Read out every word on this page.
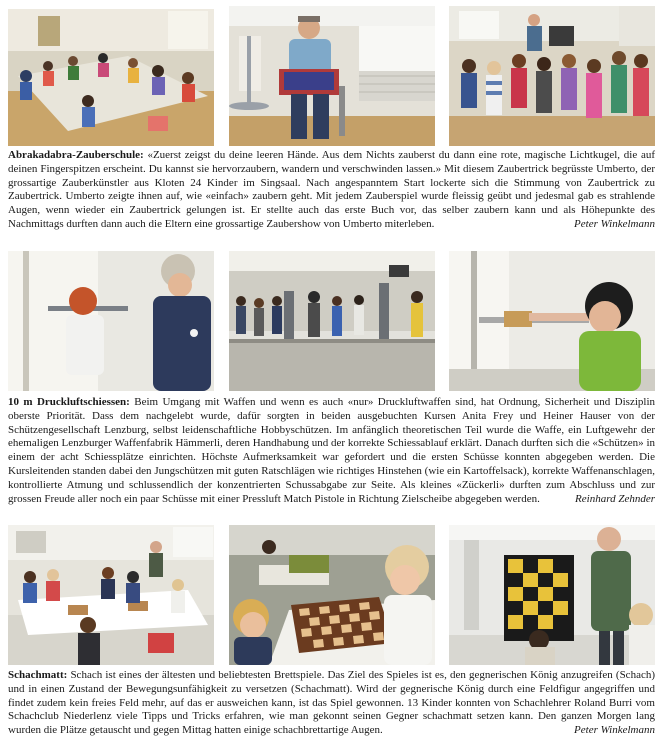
Abrakadabra-Zauberschule: «Zuerst zeigst du deine leeren Hände. Aus dem Nichts zauberst du dann eine rote, magische Lichtkugel, die auf deinen Fingerspitzen erscheint. Du kannst sie hervorzaubern, wandern und verschwinden lassen.» Mit diesem Zaubertrick begrüsste Umberto, der grossartige Zauberkünstler aus Kloten 24 Kinder im Singsaal. Nach angespanntem Start lockerte sich die Stimmung von Zaubertrick zu Zaubertrick. Umberto zeigte ihnen auf, wie «einfach» zaubern geht. Mit jedem Zauberspiel wurde fleissig geübt und jedesmal gab es strahlende Augen, wenn wieder ein Zaubertrick gelungen ist. Er stellte auch das erste Buch vor, das selber zaubern kann und als Höhepunkte des Nachmittags durften dann auch die Eltern eine grossartige Zaubershow von Umberto miterleben.	Peter Winkelmann

10 m Druckluftschiessen: Beim Umgang mit Waffen und wenn es auch «nur» Druckluftwaffen sind, hat Ordnung, Sicherheit und Disziplin oberste Priorität. Dass dem nachgelebt wurde, dafür sorgten in beiden ausgebuchten Kursen Anita Frey und Heiner Hauser von der Schützengesellschaft Lenzburg, selbst leidenschaftliche Hobbyschützen. Im anfänglich theoretischen Teil wurde die Waffe, ein Luftgewehr der ehemaligen Lenzburger Waffenfabrik Hämmerli, deren Handhabung und der korrekte Schiessablauf erklärt. Danach durften sich die «Schützen» in einem der acht Schiessplätze einrichten. Höchste Aufmerksamkeit war gefordert und die ersten Schüsse konnten abgegeben werden. Die Kursleitenden standen dabei den Jungschützen mit guten Ratschlägen wie richtiges Hinstehen (wie ein Kartoffelsack), korrekte Waffenanschlagen, kontrollierte Atmung und schlussendlich der konzentrierten Schussabgabe zur Seite. Als kleines «Zückerli» durften zum Abschluss und zur grossen Freude aller noch ein paar Schüsse mit einer Pressluft Match Pistole in Richtung Zielscheibe abgegeben werden.	Reinhard Zehnder

Schachmatt: Schach ist eines der ältesten und beliebtesten Brettspiele. Das Ziel des Spieles ist es, den gegnerischen König anzugreifen (Schach) und in einen Zustand der Bewegungsunfähigkeit zu versetzen (Schachmatt). Wird der gegnerische König durch eine Feldfigur angegriffen und findet zudem kein freies Feld mehr, auf das er ausweichen kann, ist das Spiel gewonnen. 13 Kinder konnten von Schachlehrer Roland Burri vom Schachclub Niederlenz viele Tipps und Tricks erfahren, wie man gekonnt seinen Gegner schachmatt setzen kann. Den ganzen Morgen lang wurden die Plätze getauscht und gegen Mittag hatten einige schachbrettartige Augen.	Peter Winkelmann
